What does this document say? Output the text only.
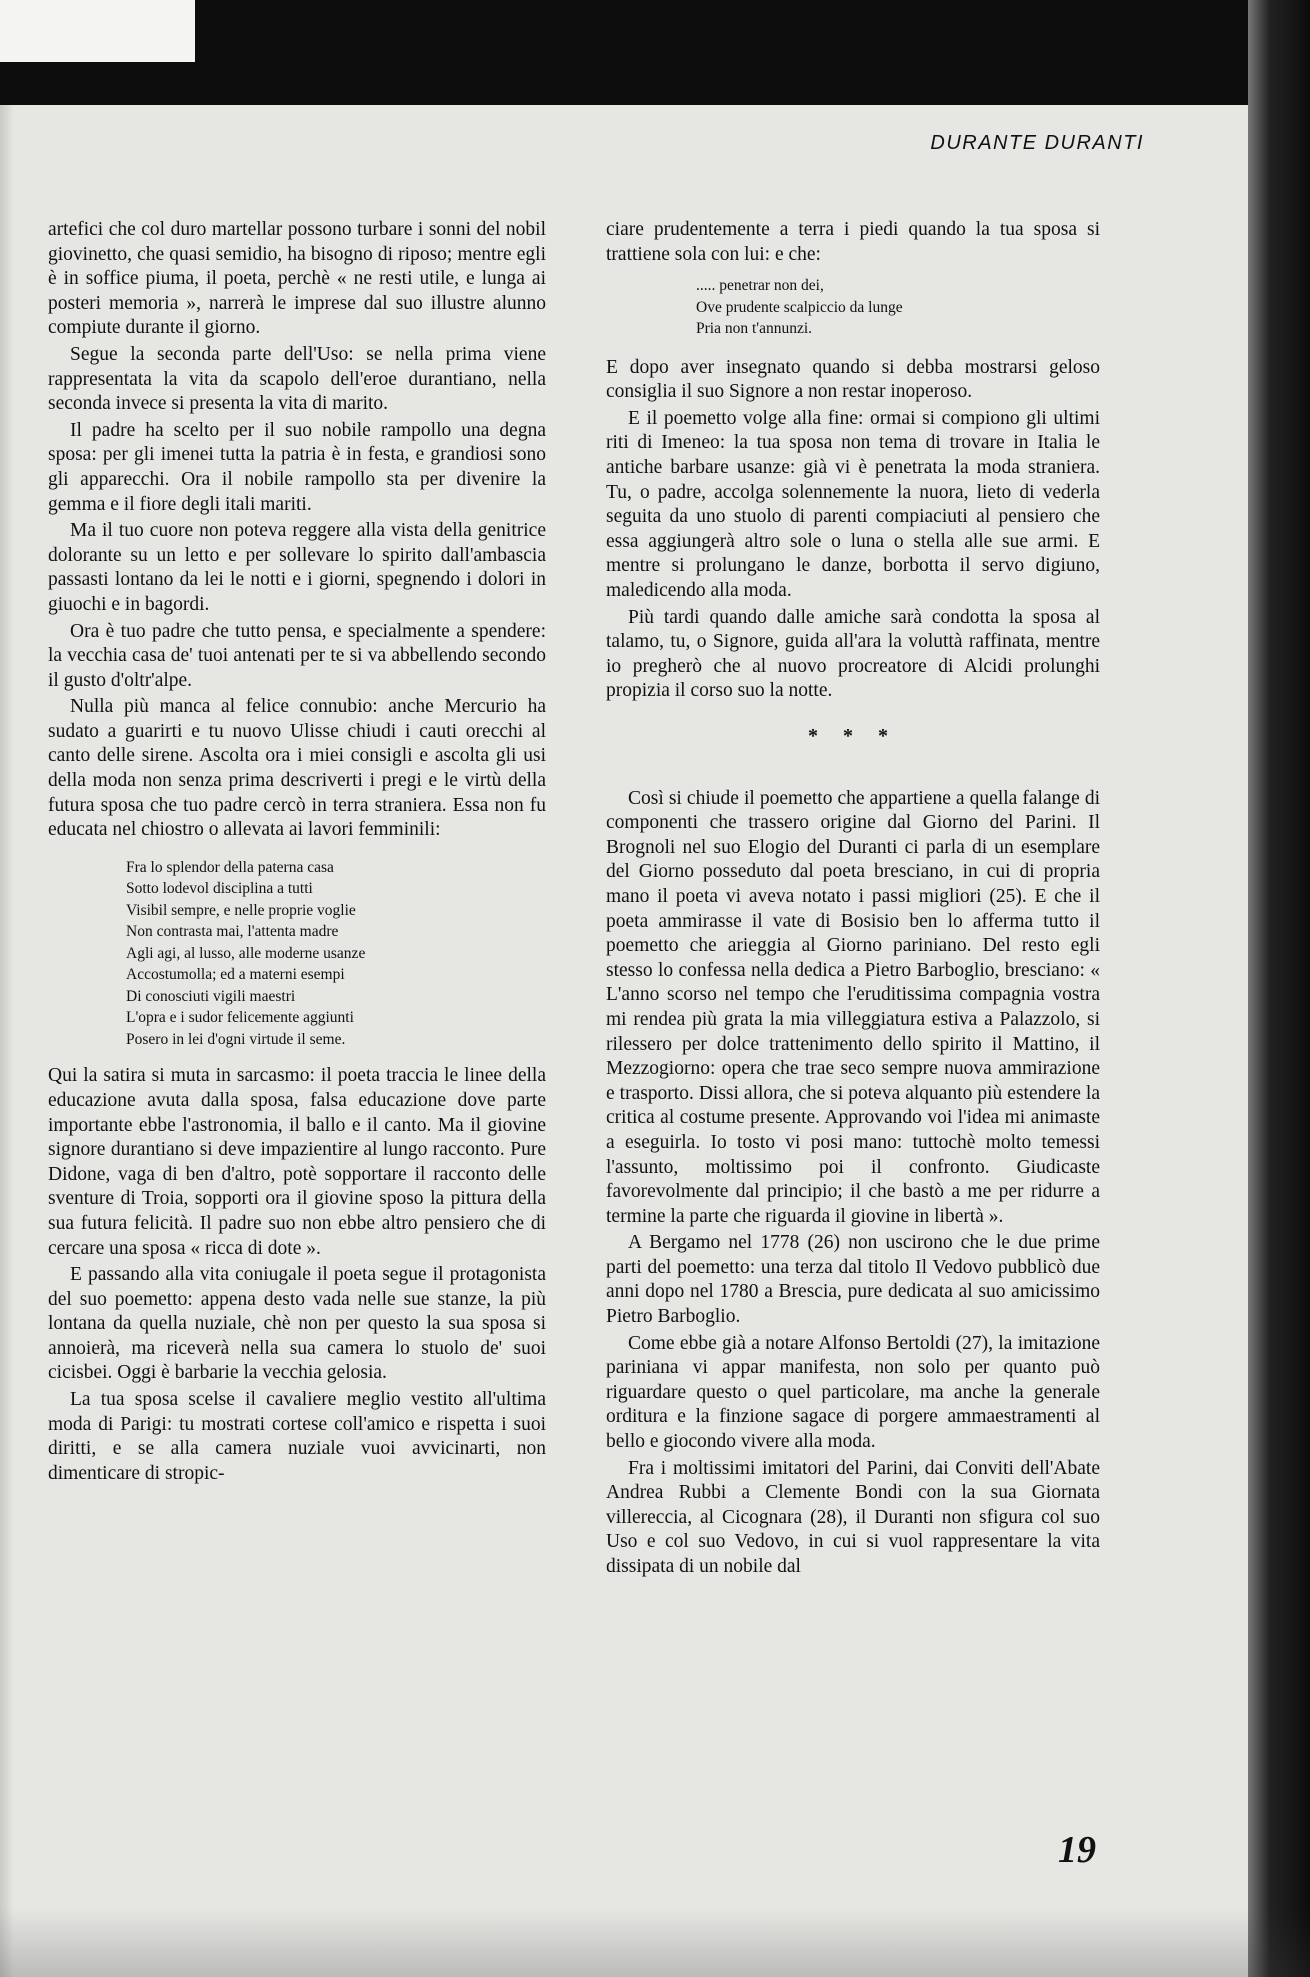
DURANTE DURANTI

artefici che col duro martellar possono turbare i sonni del nobil giovinetto, che quasi semidio, ha bisogno di riposo; mentre egli è in soffice piuma, il poeta, perchè « ne resti utile, e lunga ai posteri memoria », narrerà le imprese dal suo illustre alunno compiute durante il giorno.

Segue la seconda parte dell'Uso: se nella prima viene rappresentata la vita da scapolo dell'eroe durantiano, nella seconda invece si presenta la vita di marito.

Il padre ha scelto per il suo nobile rampollo una degna sposa: per gli imenei tutta la patria è in festa, e grandiosi sono gli apparecchi. Ora il nobile rampollo sta per divenire la gemma e il fiore degli itali mariti.

Ma il tuo cuore non poteva reggere alla vista della genitrice dolorante su un letto e per sollevare lo spirito dall'ambascia passasti lontano da lei le notti e i giorni, spegnendo i dolori in giuochi e in bagordi.

Ora è tuo padre che tutto pensa, e specialmente a spendere: la vecchia casa de' tuoi antenati per te si va abbellendo secondo il gusto d'oltr'alpe.

Nulla più manca al felice connubio: anche Mercurio ha sudato a guarirti e tu nuovo Ulisse chiudi i cauti orecchi al canto delle sirene. Ascolta ora i miei consigli e ascolta gli usi della moda non senza prima descriverti i pregi e le virtù della futura sposa che tuo padre cercò in terra straniera. Essa non fu educata nel chiostro o allevata ai lavori femminili:

Fra lo splendor della paterna casa
Sotto lodevol disciplina a tutti
Visibil sempre, e nelle proprie voglie
Non contrasta mai, l'attenta madre
Agli agi, al lusso, alle moderne usanze
Accostumolla; ed a materni esempi
Di conosciuti vigili maestri
L'opra e i sudor felicemente aggiunti
Posero in lei d'ogni virtude il seme.

Qui la satira si muta in sarcasmo: il poeta traccia le linee della educazione avuta dalla sposa, falsa educazione dove parte importante ebbe l'astronomia, il ballo e il canto. Ma il giovine signore durantiano si deve impazientire al lungo racconto. Pure Didone, vaga di ben d'altro, potè sopportare il racconto delle sventure di Troia, sopporti ora il giovine sposo la pittura della sua futura felicità. Il padre suo non ebbe altro pensiero che di cercare una sposa « ricca di dote ».

E passando alla vita coniugale il poeta segue il protagonista del suo poemetto: appena desto vada nelle sue stanze, la più lontana da quella nuziale, chè non per questo la sua sposa si annoierà, ma riceverà nella sua camera lo stuolo de' suoi cicisbei. Oggi è barbarie la vecchia gelosia.

La tua sposa scelse il cavaliere meglio vestito all'ultima moda di Parigi: tu mostrati cortese coll'amico e rispetta i suoi diritti, e se alla camera nuziale vuoi avvicinarti, non dimenticare di stropic-

ciare prudentemente a terra i piedi quando la tua sposa si trattiene sola con lui: e che:

..... penetrar non dei,
Ove prudente scalpiccio da lunge
Pria non t'annunzi.

E dopo aver insegnato quando si debba mostrarsi geloso consiglia il suo Signore a non restar inoperoso.

E il poemetto volge alla fine: ormai si compiono gli ultimi riti di Imeneo: la tua sposa non tema di trovare in Italia le antiche barbare usanze: già vi è penetrata la moda straniera. Tu, o padre, accolga solennemente la nuora, lieto di vederla seguita da uno stuolo di parenti compiaciuti al pensiero che essa aggiungerà altro sole o luna o stella alle sue armi. E mentre si prolungano le danze, borbotta il servo digiuno, maledicendo alla moda.

Più tardi quando dalle amiche sarà condotta la sposa al talamo, tu, o Signore, guida all'ara la voluttà raffinata, mentre io pregherò che al nuovo procreatore di Alcidi prolunghi propizia il corso suo la notte.

* * *

Così si chiude il poemetto che appartiene a quella falange di componenti che trassero origine dal Giorno del Parini. Il Brognoli nel suo Elogio del Duranti ci parla di un esemplare del Giorno posseduto dal poeta bresciano, in cui di propria mano il poeta vi aveva notato i passi migliori (25). E che il poeta ammirasse il vate di Bosisio ben lo afferma tutto il poemetto che arieggia al Giorno pariniano. Del resto egli stesso lo confessa nella dedica a Pietro Barboglio, bresciano: « L'anno scorso nel tempo che l'eruditissima compagnia vostra mi rendea più grata la mia villeggiatura estiva a Palazzolo, si rilessero per dolce trattenimento dello spirito il Mattino, il Mezzogiorno: opera che trae seco sempre nuova ammirazione e trasporto. Dissi allora, che si poteva alquanto più estendere la critica al costume presente. Approvando voi l'idea mi animaste a eseguirla. Io tosto vi posi mano: tuttochè molto temessi l'assunto, moltissimo poi il confronto. Giudicaste favorevolmente dal principio; il che bastò a me per ridurre a termine la parte che riguarda il giovine in libertà ».

A Bergamo nel 1778 (26) non uscirono che le due prime parti del poemetto: una terza dal titolo Il Vedovo pubblicò due anni dopo nel 1780 a Brescia, pure dedicata al suo amicissimo Pietro Barboglio.

Come ebbe già a notare Alfonso Bertoldi (27), la imitazione pariniana vi appar manifesta, non solo per quanto può riguardare questo o quel particolare, ma anche la generale orditura e la finzione sagace di porgere ammaestramenti al bello e giocondo vivere alla moda.

Fra i moltissimi imitatori del Parini, dai Conviti dell'Abate Andrea Rubbi a Clemente Bondi con la sua Giornata villereccia, al Cicognara (28), il Duranti non sfigura col suo Uso e col suo Vedovo, in cui si vuol rappresentare la vita dissipata di un nobile dal

19
